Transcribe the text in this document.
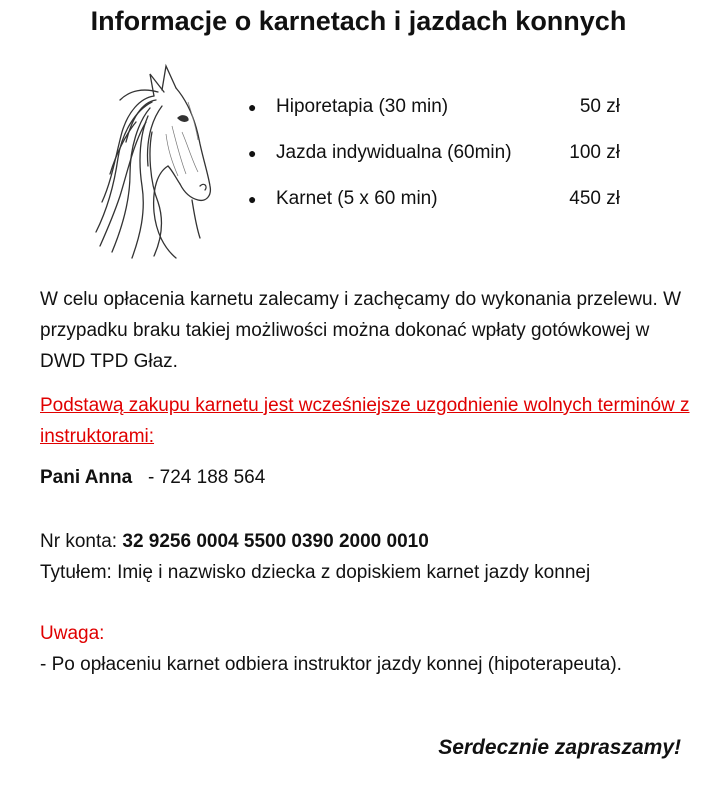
Informacje o karnetach i jazdach konnych
● Hiporetapia (30 min)	50 zł
● Jazda indywidualna (60min)	100 zł
● Karnet (5 x 60 min)	450 zł
W celu opłacenia karnetu zalecamy i zachęcamy do wykonania przelewu. W przypadku braku takiej możliwości można dokonać wpłaty gotówkowej w DWD TPD Głaz.
Podstawą zakupu karnetu jest wcześniejsze uzgodnienie wolnych terminów z instruktorami:
Pani Anna - 724 188 564
Nr konta: 32 9256 0004 5500 0390 2000 0010
Tytułem: Imię i nazwisko dziecka z dopiskiem karnet jazdy konnej
Uwaga:
- Po opłaceniu karnet odbiera instruktor jazdy konnej (hipoterapeuta).
Serdecznie zapraszamy!
